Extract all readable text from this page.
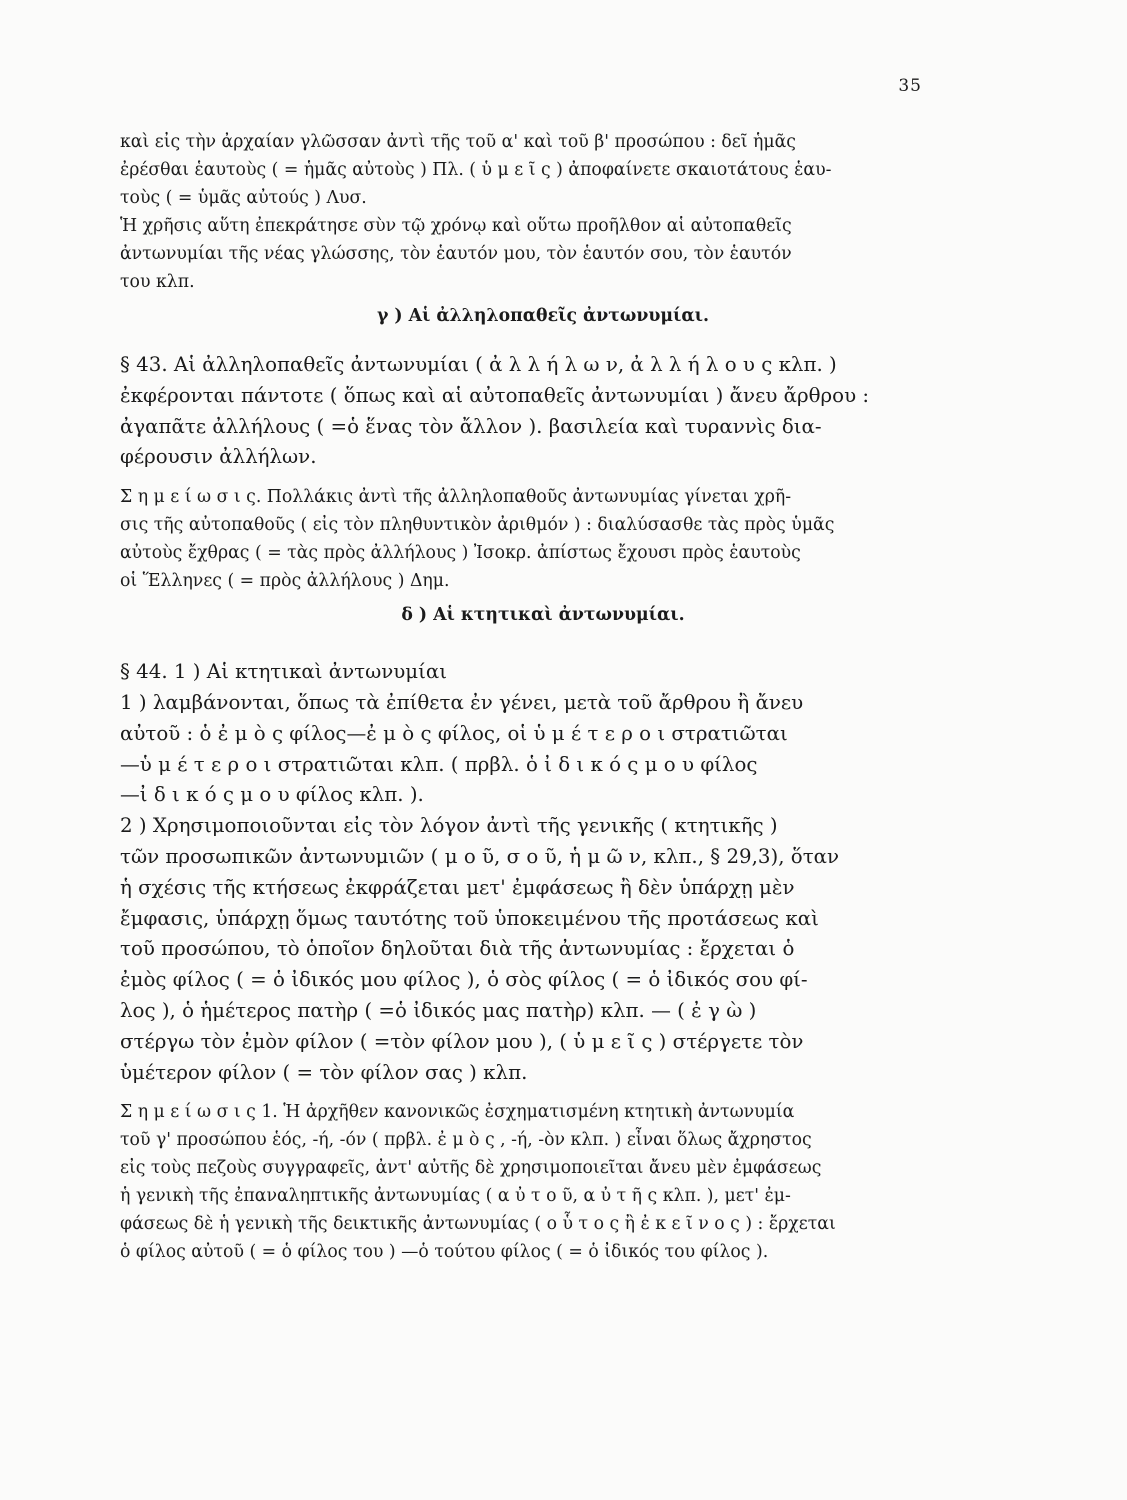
35
καὶ εἰς τὴν ἀρχαίαν γλῶσσαν ἀντὶ τῆς τοῦ α' καὶ τοῦ β' προσώπου : δεῖ ἡμᾶς
ἐρέσθαι ἑαυτοὺς ( = ἡμᾶς αὐτοὺς ) Πλ. ( ὑ μ ε ῖ ς ) ἀποφαίνετε σκαιοτάτους ἑαυ-
τοὺς ( = ὑμᾶς αὐτούς ) Λυσ.
Ἡ χρῆσις αὕτη ἐπεκράτησε σὺν τῷ χρόνῳ καὶ οὕτω προῆλθον αἱ αὐτοπαθεῖς
ἀντωνυμίαι τῆς νέας γλώσσης, τὸν ἑαυτόν μου, τὸν ἑαυτόν σου, τὸν ἑαυτόν
του κλπ.
γ ) Αἱ ἀλληλοπαθεῖς ἀντωνυμίαι.
§ 43. Αἱ ἀλληλοπαθεῖς ἀντωνυμίαι ( ἀ λ λ ή λ ω ν, ἀ λ λ ή λ ο υ ς κλπ. )
ἐκφέρονται πάντοτε ( ὅπως καὶ αἱ αὐτοπαθεῖς ἀντωνυμίαι ) ἄνευ ἄρθρου :
ἀγαπᾶτε ἀλλήλους ( =ὁ ἕνας τὸν ἄλλον ). βασιλεία καὶ τυραννὶς δια-
φέρουσιν ἀλλήλων.
Σ η μ ε ί ω σ ι ς. Πολλάκις ἀντὶ τῆς ἀλληλοπαθοῦς ἀντωνυμίας γίνεται χρῆ-
σις τῆς αὐτοπαθοῦς ( εἰς τὸν πληθυντικὸν ἀριθμόν ) : διαλύσασθε τὰς πρὸς ὑμᾶς
αὐτοὺς ἔχθρας ( = τὰς πρὸς ἀλλήλους ) Ἰσοκρ. ἀπίστως ἔχουσι πρὸς ἑαυτοὺς
οἱ Ἕλληνες ( = πρὸς ἀλλήλους ) Δημ.
δ ) Αἱ κτητικαὶ ἀντωνυμίαι.
§ 44. 1 ) Αἱ κτητικαὶ ἀντωνυμίαι
1 ) λαμβάνονται, ὅπως τὰ ἐπίθετα ἐν γένει, μετὰ τοῦ ἄρθρου ἢ ἄνευ
αὐτοῦ : ὁ ἐ μ ὸ ς φίλος—ἐ μ ὸ ς φίλος, οἱ ὑ μ έ τ ε ρ ο ι στρατιῶται
—ὑ μ έ τ ε ρ ο ι στρατιῶται κλπ. ( πρβλ. ὁ ἰ δ ι κ ό ς μ ο υ φίλος
—ἰ δ ι κ ό ς μ ο υ φίλος κλπ. ).
2 ) Χρησιμοποιοῦνται εἰς τὸν λόγον ἀντὶ τῆς γενικῆς ( κτητικῆς )
τῶν προσωπικῶν ἀντωνυμιῶν ( μ ο ῦ, σ ο ῦ, ἡ μ ῶ ν, κλπ., § 29,3), ὅταν
ἡ σχέσις τῆς κτήσεως ἐκφράζεται μετ' ἐμφάσεως ἢ δὲν ὑπάρχῃ μὲν
ἔμφασις, ὑπάρχῃ ὅμως ταυτότης τοῦ ὑποκειμένου τῆς προτάσεως καὶ
τοῦ προσώπου, τὸ ὁποῖον δηλοῦται διὰ τῆς ἀντωνυμίας : ἔρχεται ὁ
ἐμὸς φίλος ( = ὁ ἰδικός μου φίλος ), ὁ σὸς φίλος ( = ὁ ἰδικός σου φί-
λος ), ὁ ἡμέτερος πατὴρ ( =ὁ ἰδικός μας πατὴρ) κλπ. — ( ἐ γ ὼ )
στέργω τὸν ἐμὸν φίλον ( =τὸν φίλον μου ), ( ὑ μ ε ῖ ς ) στέργετε τὸν
ὑμέτερον φίλον ( = τὸν φίλον σας ) κλπ.
Σ η μ ε ί ω σ ι ς 1. Ἡ ἀρχῆθεν κανονικῶς ἐσχηματισμένη κτητικὴ ἀντωνυμία
τοῦ γ' προσώπου ἑός, -ή, -όν ( πρβλ. ἐ μ ὸ ς , -ή, -ὸν κλπ. ) εἶναι ὅλως ἄχρηστος
εἰς τοὺς πεζοὺς συγγραφεῖς, ἀντ' αὐτῆς δὲ χρησιμοποιεῖται ἄνευ μὲν ἐμφάσεως
ἡ γενικὴ τῆς ἐπαναληπτικῆς ἀντωνυμίας ( α ὐ τ ο ῦ, α ὐ τ ῆ ς κλπ. ), μετ' ἐμ-
φάσεως δὲ ἡ γενικὴ τῆς δεικτικῆς ἀντωνυμίας ( ο ὗ τ ο ς ἢ ἐ κ ε ῖ ν ο ς ) : ἔρχεται
ὁ φίλος αὐτοῦ ( = ὁ φίλος του ) —ὁ τούτου φίλος ( = ὁ ἰδικός του φίλος ).
